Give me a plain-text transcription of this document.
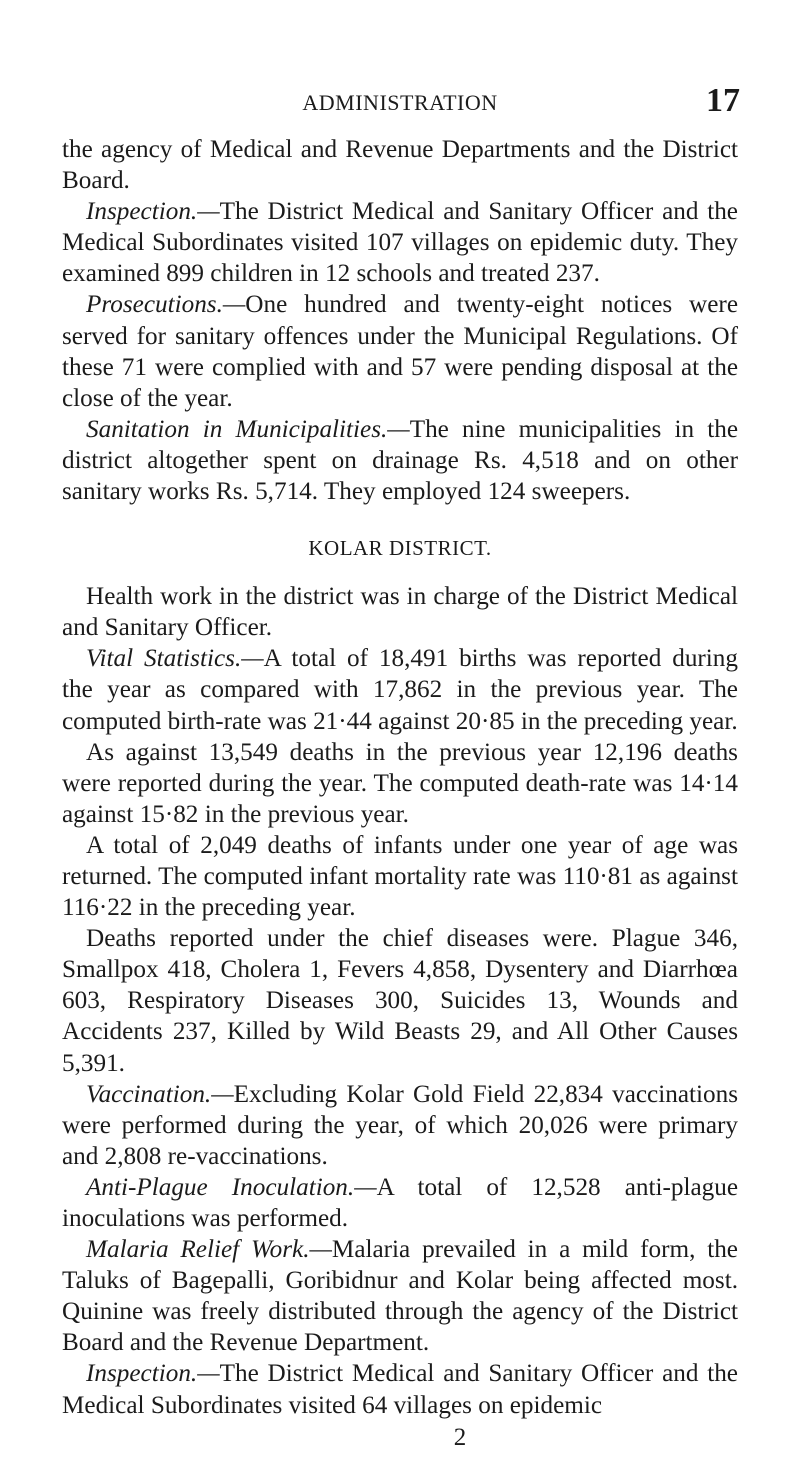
ADMINISTRATION	17

the agency of Medical and Revenue Departments and the District Board.

Inspection.—The District Medical and Sanitary Officer and the Medical Subordinates visited 107 villages on epidemic duty. They examined 899 children in 12 schools and treated 237.

Prosecutions.—One hundred and twenty-eight notices were served for sanitary offences under the Municipal Regulations. Of these 71 were complied with and 57 were pending disposal at the close of the year.

Sanitation in Municipalities.—The nine municipalities in the district altogether spent on drainage Rs. 4,518 and on other sanitary works Rs. 5,714. They employed 124 sweepers.

KOLAR DISTRICT.

Health work in the district was in charge of the District Medical and Sanitary Officer.

Vital Statistics.—A total of 18,491 births was reported during the year as compared with 17,862 in the previous year. The computed birth-rate was 21·44 against 20·85 in the preceding year.

As against 13,549 deaths in the previous year 12,196 deaths were reported during the year. The computed death-rate was 14·14 against 15·82 in the previous year.

A total of 2,049 deaths of infants under one year of age was returned. The computed infant mortality rate was 110·81 as against 116·22 in the preceding year.

Deaths reported under the chief diseases were. Plague 346, Smallpox 418, Cholera 1, Fevers 4,858, Dysentery and Diarrhœa 603, Respiratory Diseases 300, Suicides 13, Wounds and Accidents 237, Killed by Wild Beasts 29, and All Other Causes 5,391.

Vaccination.—Excluding Kolar Gold Field 22,834 vaccinations were performed during the year, of which 20,026 were primary and 2,808 re-vaccinations.

Anti-Plague Inoculation.—A total of 12,528 anti-plague inoculations was performed.

Malaria Relief Work.—Malaria prevailed in a mild form, the Taluks of Bagepalli, Goribidnur and Kolar being affected most. Quinine was freely distributed through the agency of the District Board and the Revenue Department.

Inspection.—The District Medical and Sanitary Officer and the Medical Subordinates visited 64 villages on epidemic

2
